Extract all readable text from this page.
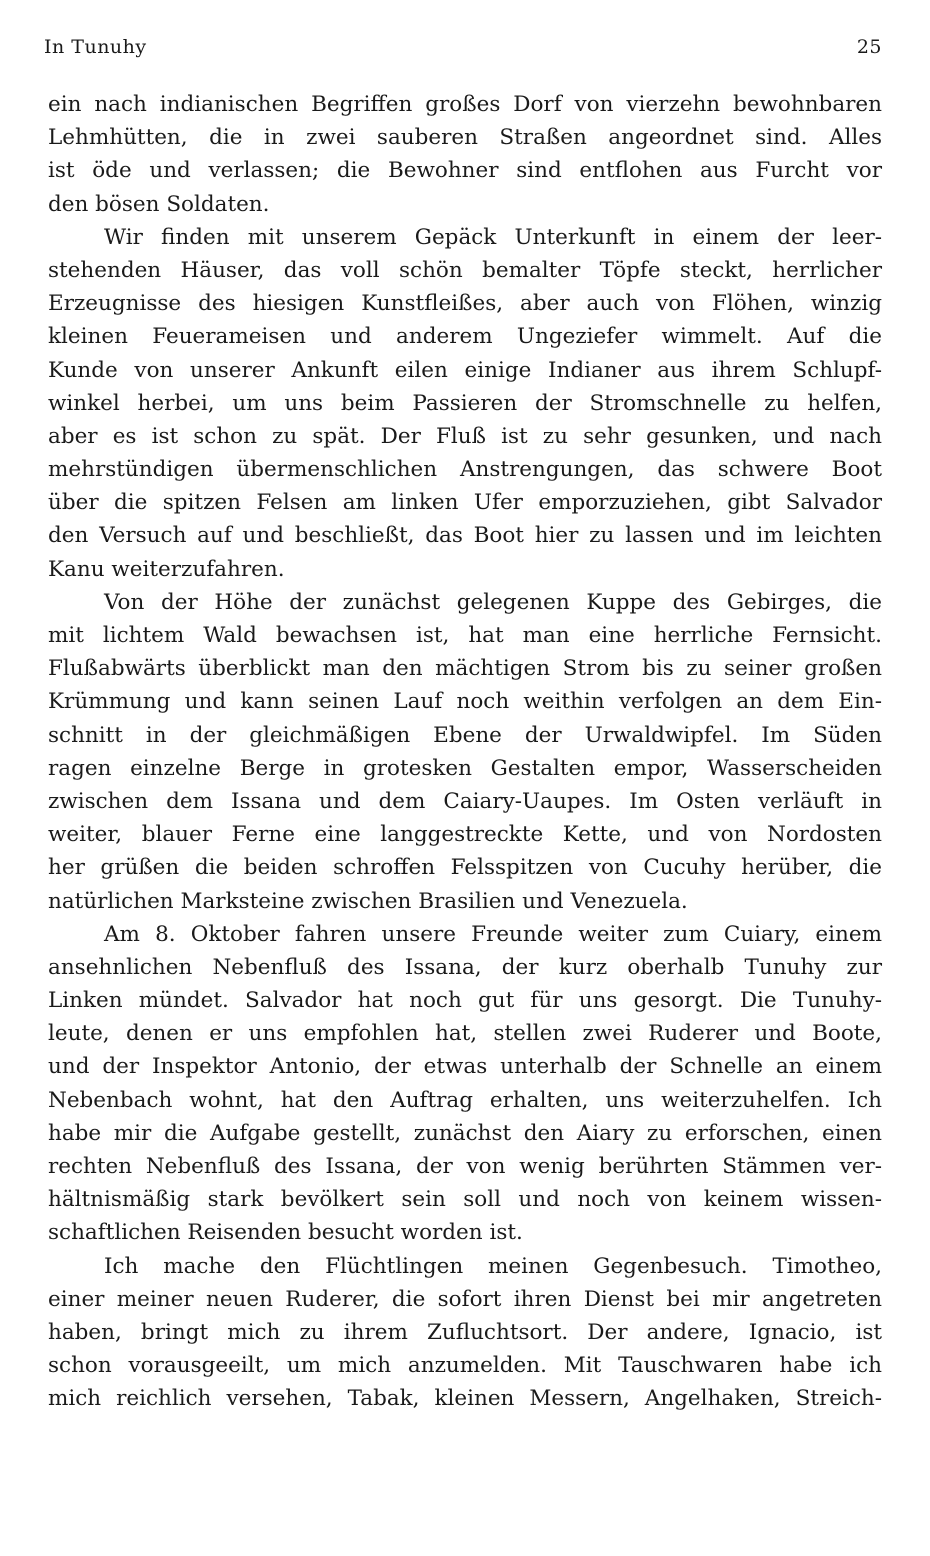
In Tunuhy	25
ein nach indianischen Begriffen großes Dorf von vierzehn bewohnbaren
Lehmhütten, die in zwei sauberen Straßen angeordnet sind. Alles
ist öde und verlassen; die Bewohner sind entflohen aus Furcht vor
den bösen Soldaten.
Wir finden mit unserem Gepäck Unterkunft in einem der leer-
stehenden Häuser, das voll schön bemalter Töpfe steckt, herrlicher
Erzeugnisse des hiesigen Kunstfleißes, aber auch von Flöhen, winzig
kleinen Feuerameisen und anderem Ungeziefer wimmelt. Auf die
Kunde von unserer Ankunft eilen einige Indianer aus ihrem Schlupf-
winkel herbei, um uns beim Passieren der Stromschnelle zu helfen,
aber es ist schon zu spät. Der Fluß ist zu sehr gesunken, und nach
mehrstündigen übermenschlichen Anstrengungen, das schwere Boot
über die spitzen Felsen am linken Ufer emporzuziehen, gibt Salvador
den Versuch auf und beschließt, das Boot hier zu lassen und im leichten
Kanu weiterzufahren.
Von der Höhe der zunächst gelegenen Kuppe des Gebirges, die
mit lichtem Wald bewachsen ist, hat man eine herrliche Fernsicht.
Flußabwärts überblickt man den mächtigen Strom bis zu seiner großen
Krümmung und kann seinen Lauf noch weithin verfolgen an dem Ein-
schnitt in der gleichmäßigen Ebene der Urwaldwipfel. Im Süden
ragen einzelne Berge in grotesken Gestalten empor, Wasserscheiden
zwischen dem Issana und dem Caiary-Uaupes. Im Osten verläuft in
weiter, blauer Ferne eine langgestreckte Kette, und von Nordosten
her grüßen die beiden schroffen Felsspitzen von Cucuhy herüber, die
natürlichen Marksteine zwischen Brasilien und Venezuela.
Am 8. Oktober fahren unsere Freunde weiter zum Cuiary, einem
ansehnlichen Nebenfluß des Issana, der kurz oberhalb Tunuhy zur
Linken mündet. Salvador hat noch gut für uns gesorgt. Die Tunuhy-
leute, denen er uns empfohlen hat, stellen zwei Ruderer und Boote,
und der Inspektor Antonio, der etwas unterhalb der Schnelle an einem
Nebenbach wohnt, hat den Auftrag erhalten, uns weiterzuhelfen. Ich
habe mir die Aufgabe gestellt, zunächst den Aiary zu erforschen, einen
rechten Nebenfluß des Issana, der von wenig berührten Stämmen ver-
hältnismäßig stark bevölkert sein soll und noch von keinem wissen-
schaftlichen Reisenden besucht worden ist.
Ich mache den Flüchtlingen meinen Gegenbesuch. Timotheo,
einer meiner neuen Ruderer, die sofort ihren Dienst bei mir angetreten
haben, bringt mich zu ihrem Zufluchtsort. Der andere, Ignacio, ist
schon vorausgeeilt, um mich anzumelden. Mit Tauschwaren habe ich
mich reichlich versehen, Tabak, kleinen Messern, Angelhaken, Streich-
